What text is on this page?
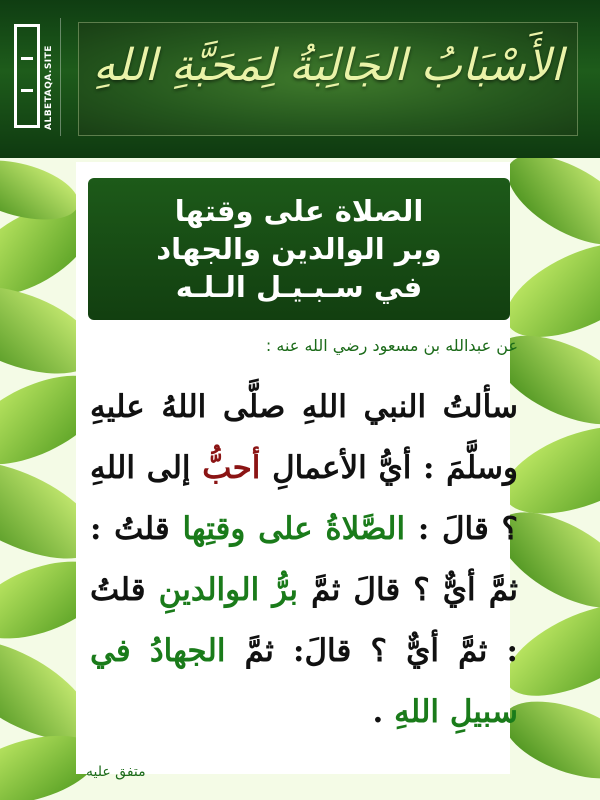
ALBETAQA.SITE الأَسْبَابُ الجَالِبَةُ لِمَحَبَّةِ اللهِ
الصلاة على وقتها
وبر الوالدين والجهاد
في سـبـيـل الـلـه
عن عبدالله بن مسعود رضي الله عنه :
سألتُ النبي اللهِ صلَّى اللهُ عليهِ وسلَّمَ : أيُّ الأعمالِ أحبُّ إلى اللهِ ؟ قالَ : الصَّلاةُ على وقتِها قلتُ : ثمَّ أيٌّ ؟ قالَ ثمَّ برُّ الوالدينِ قلتُ : ثمَّ أيٌّ ؟ قالَ: ثمَّ الجهادُ في سبيلِ اللهِ .
متفق عليه
